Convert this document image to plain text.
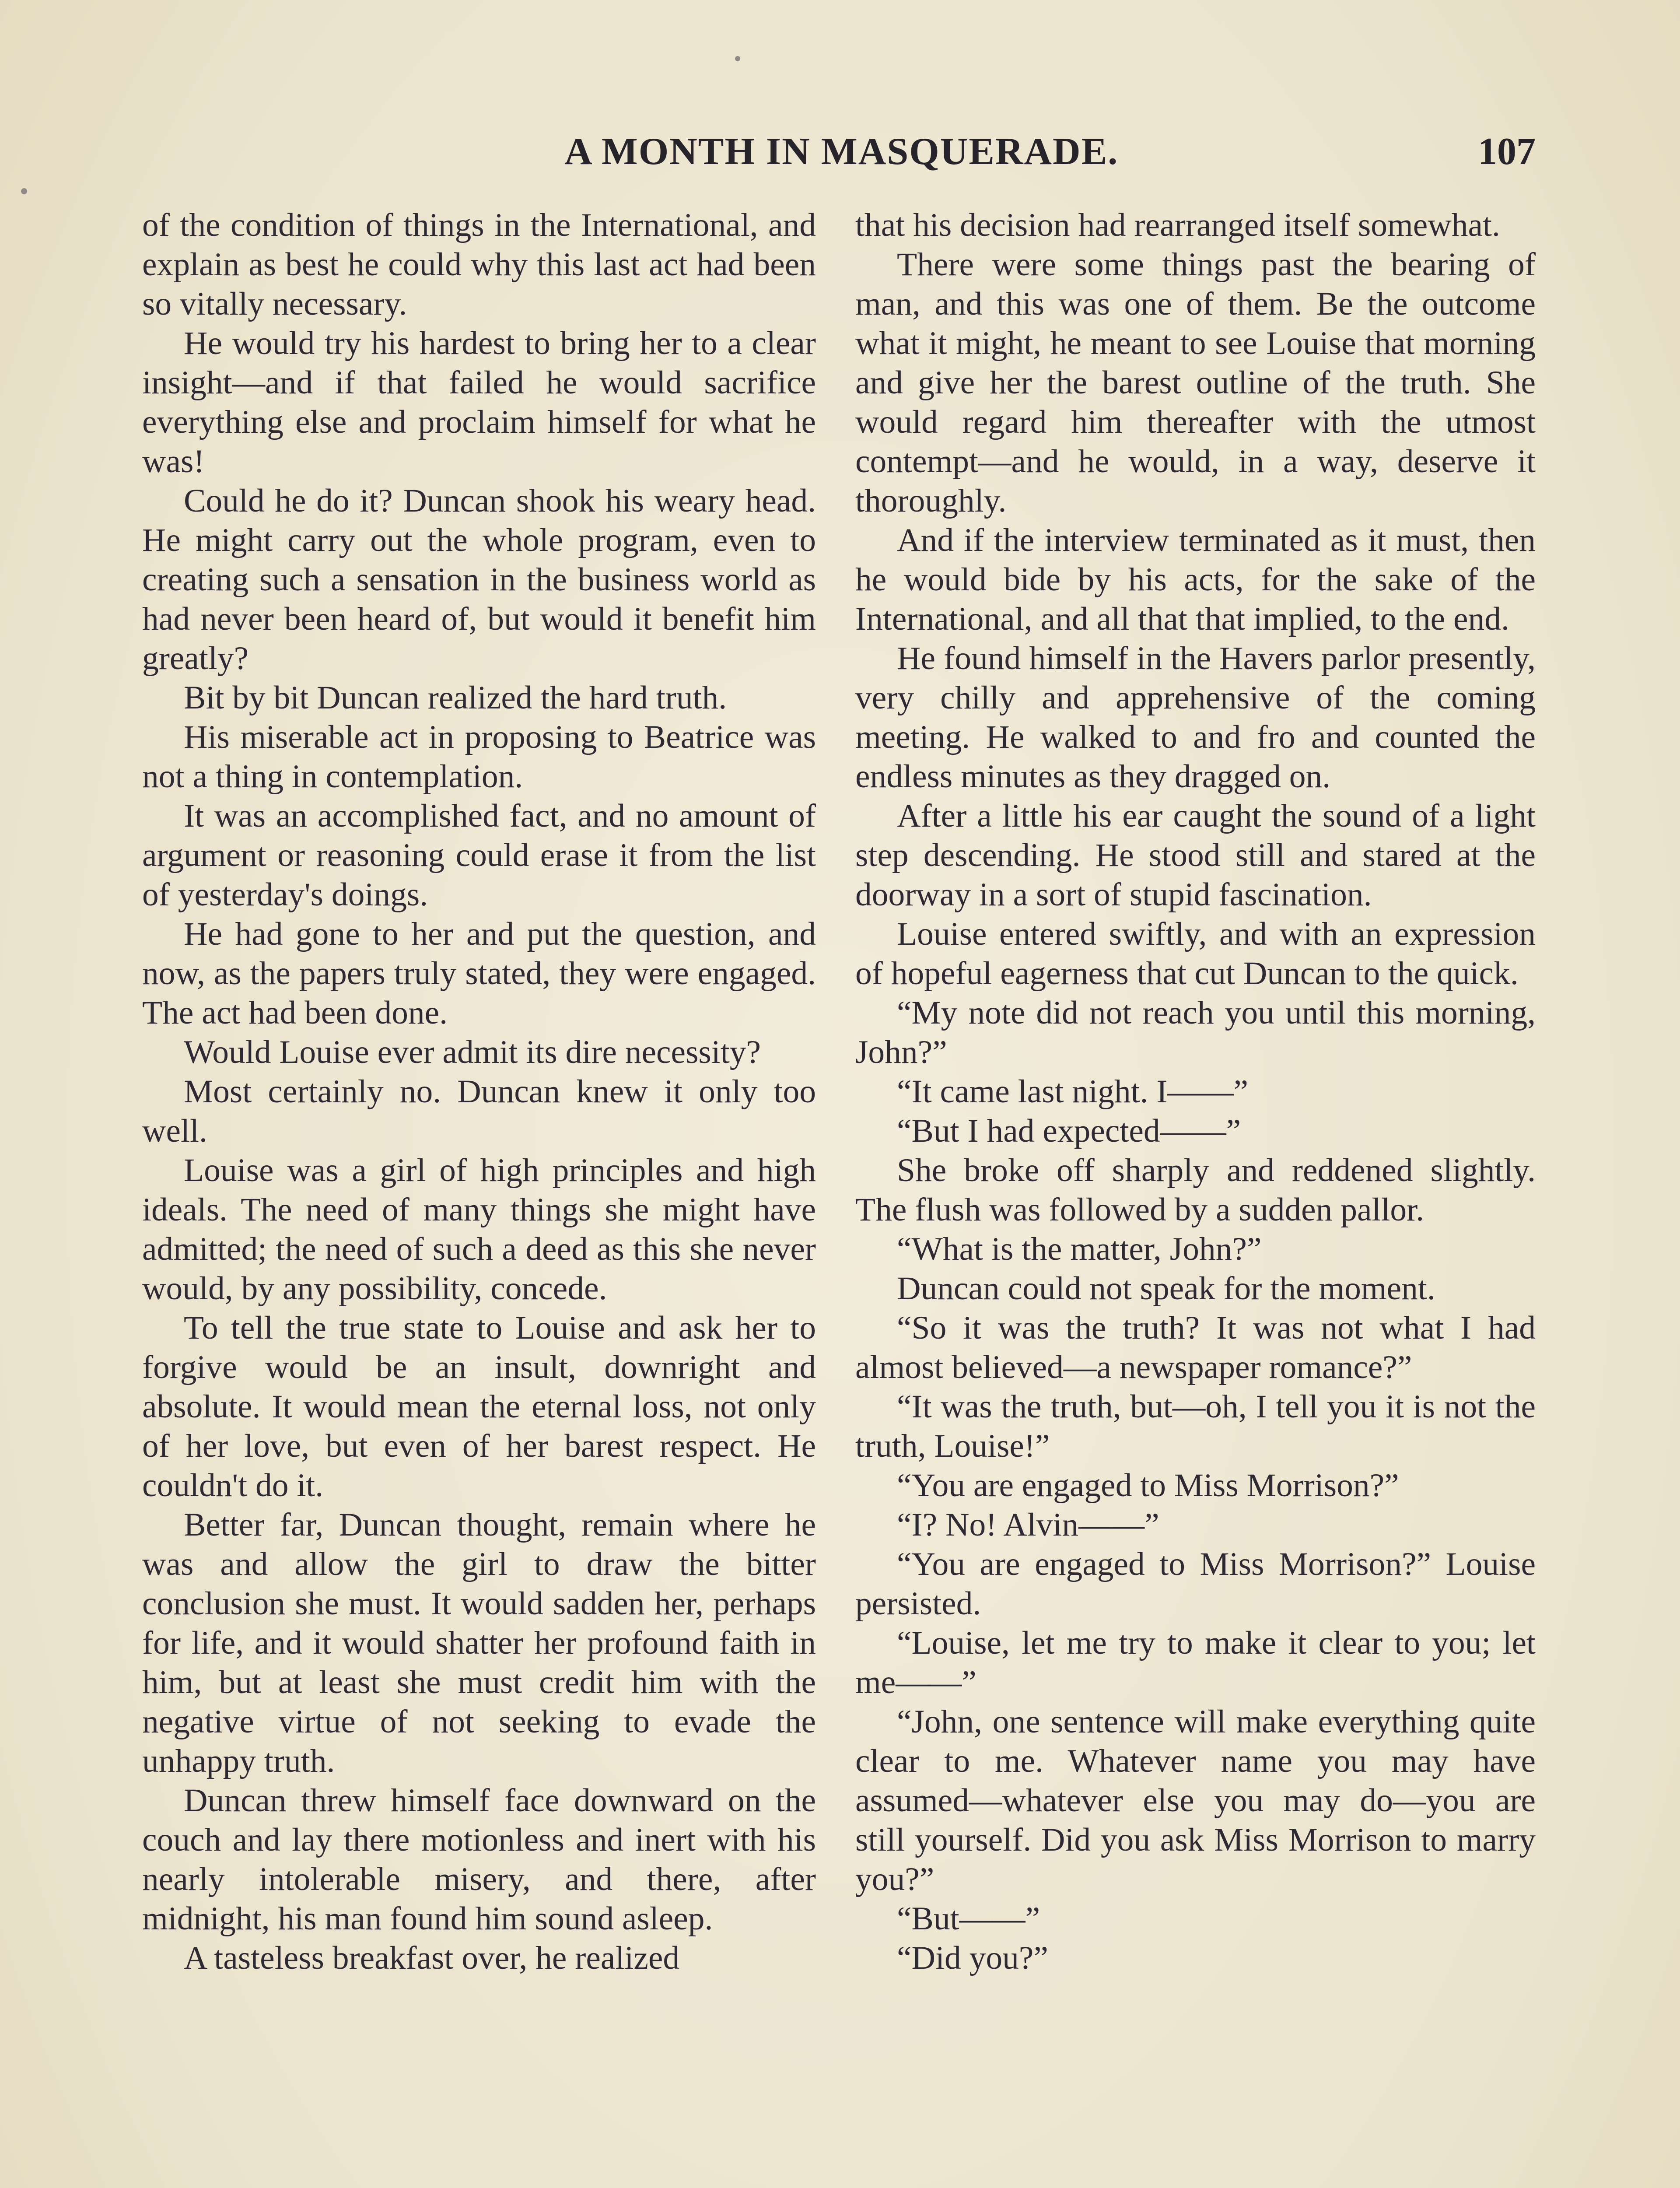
A MONTH IN MASQUERADE.	107

of the condition of things in the International, and explain as best he could why this last act had been so vitally necessary.

He would try his hardest to bring her to a clear insight—and if that failed he would sacrifice everything else and proclaim himself for what he was!

Could he do it? Duncan shook his weary head. He might carry out the whole program, even to creating such a sensation in the business world as had never been heard of, but would it benefit him greatly?

Bit by bit Duncan realized the hard truth.

His miserable act in proposing to Beatrice was not a thing in contemplation.

It was an accomplished fact, and no amount of argument or reasoning could erase it from the list of yesterday's doings.

He had gone to her and put the question, and now, as the papers truly stated, they were engaged. The act had been done.

Would Louise ever admit its dire necessity?

Most certainly no. Duncan knew it only too well.

Louise was a girl of high principles and high ideals. The need of many things she might have admitted; the need of such a deed as this she never would, by any possibility, concede.

To tell the true state to Louise and ask her to forgive would be an insult, downright and absolute. It would mean the eternal loss, not only of her love, but even of her barest respect. He couldn't do it.

Better far, Duncan thought, remain where he was and allow the girl to draw the bitter conclusion she must. It would sadden her, perhaps for life, and it would shatter her profound faith in him, but at least she must credit him with the negative virtue of not seeking to evade the unhappy truth.

Duncan threw himself face downward on the couch and lay there motionless and inert with his nearly intolerable misery, and there, after midnight, his man found him sound asleep.

A tasteless breakfast over, he realized

that his decision had rearranged itself somewhat.

There were some things past the bearing of man, and this was one of them. Be the outcome what it might, he meant to see Louise that morning and give her the barest outline of the truth. She would regard him thereafter with the utmost contempt—and he would, in a way, deserve it thoroughly.

And if the interview terminated as it must, then he would bide by his acts, for the sake of the International, and all that that implied, to the end.

He found himself in the Havers parlor presently, very chilly and apprehensive of the coming meeting. He walked to and fro and counted the endless minutes as they dragged on.

After a little his ear caught the sound of a light step descending. He stood still and stared at the doorway in a sort of stupid fascination.

Louise entered swiftly, and with an expression of hopeful eagerness that cut Duncan to the quick.

“My note did not reach you until this morning, John?”

“It came last night. I——”

“But I had expected——”

She broke off sharply and reddened slightly. The flush was followed by a sudden pallor.

“What is the matter, John?”

Duncan could not speak for the moment.

“So it was the truth? It was not what I had almost believed—a newspaper romance?”

“It was the truth, but—oh, I tell you it is not the truth, Louise!”

“You are engaged to Miss Morrison?”

“I? No! Alvin——”

“You are engaged to Miss Morrison?” Louise persisted.

“Louise, let me try to make it clear to you; let me——”

“John, one sentence will make everything quite clear to me. Whatever name you may have assumed—whatever else you may do—you are still yourself. Did you ask Miss Morrison to marry you?”

“But——”

“Did you?”
